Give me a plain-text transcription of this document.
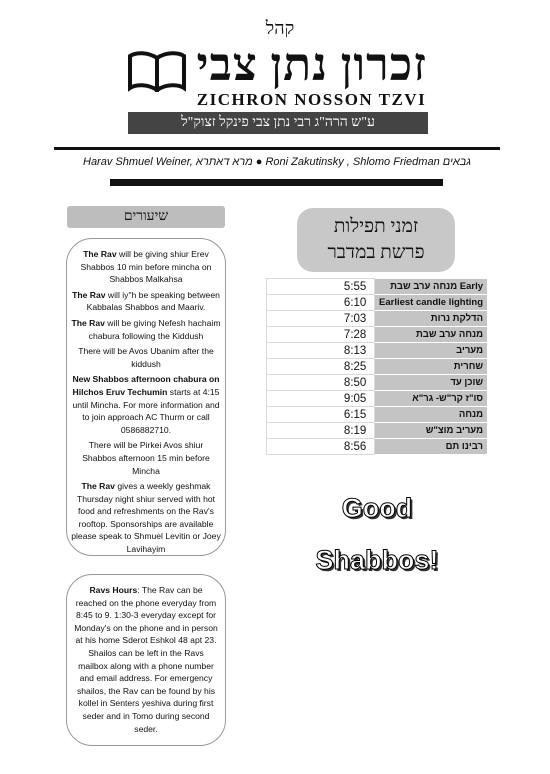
קהל
זכרון נתן צבי
ZICHRON NOSSON TZVI
ע"ש הרה"ג רבי נתן צבי פינקל זצוק"ל
Harav Shmuel Weiner, מרא דאתרא ● Roni Zakutinsky , Shlomo Friedman גבאים
שיעורים

The Rav will be giving shiur Erev Shabbos 10 min before mincha on Shabbos Malkahsa

The Rav will iy"h be speaking between Kabbalas Shabbos and Maariv.

The Rav will be giving Nefesh hachaim chabura following the Kiddush

There will be Avos Ubanim after the kiddush

New Shabbos afternoon chabura on Hilchos Eruv Techumin starts at 4:15 until Mincha. For more information and to join approach AC Thurm or call 0586882710.

There will be Pirkei Avos shiur Shabbos afternoon 15 min before Mincha

The Rav gives a weekly geshmak Thursday night shiur served with hot food and refreshments on the Rav's rooftop. Sponsorships are available please speak to Shmuel Levitin or Joey Lavihayim

Ravs Hours: The Rav can be reached on the phone everyday from 8:45 to 9. 1:30-3 everyday except for Monday's on the phone and in person at his home Sderot Eshkol 48 apt 23. Shailos can be left in the Ravs mailbox along with a phone number and email address. For emergency shailos, the Rav can be found by his kollel in Senters yeshiva during first seder and in Tomo during second seder.

זמני תפילות
פרשת במדבר
5:55	Early מנחה ערב שבת
6:10	Earliest candle lighting
7:03	הדלקת נרות
7:28	מנחה ערב שבת
8:13	מעריב
8:25	שחרית
8:50	שוכן עד
9:05	סו"ז קר"ש- גר"א
6:15	מנחה
8:19	מעריב מוצ"ש
8:56	רבינו תם
Good
Shabbos!
